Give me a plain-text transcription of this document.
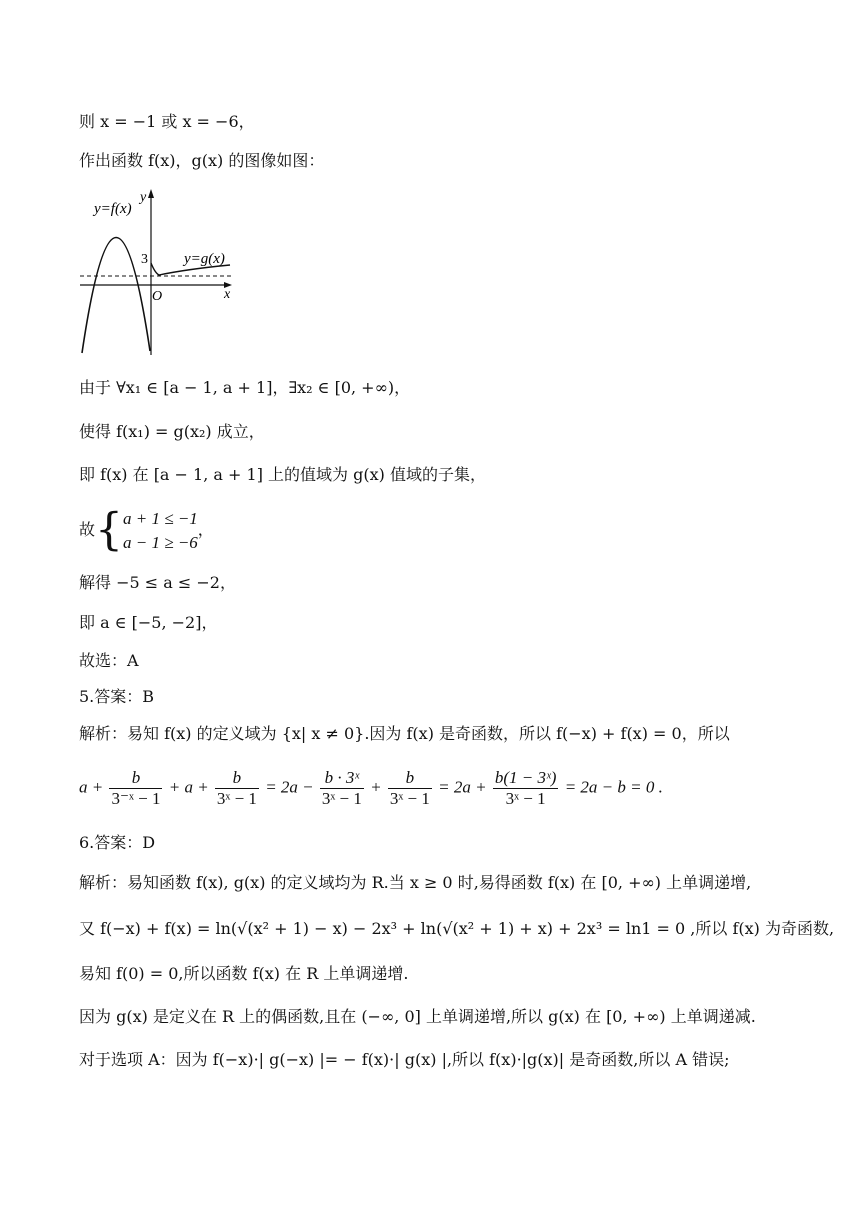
则 x = −1 或 x = −6，
作出函数 f(x)，g(x) 的图像如图：
y=f(x)
y=g(x)
y
x
O
3
由于 ∀x₁ ∈ [a − 1, a + 1]，∃x₂ ∈ [0, +∞)，
使得 f(x₁) = g(x₂) 成立，
即 f(x) 在 [a − 1, a + 1] 上的值域为 g(x) 值域的子集，
故{ a + 1 ≤ −1
a − 1 ≥ −6
，
解得 −5 ≤ a ≤ −2，
即 a ∈ [−5, −2]，
故选：A
5.答案：B
解析：易知 f(x) 的定义域为 {x| x ≠ 0}.因为 f(x) 是奇函数，所以 f(−x) + f(x) = 0，所以
$a + \frac{b}{\text{3⁻ˣ − 1}} + a + \frac{b}{\text{3ˣ − 1}} = 2a - \frac{\text{b · 3ˣ}}{\text{3ˣ − 1}} + \frac{b}{\text{3ˣ − 1}} = 2a + \frac{\text{b(1 − 3ˣ)}}{\text{3ˣ − 1}} = 2a - b = 0$ .
6.答案：D
解析：易知函数 f(x), g(x) 的定义域均为 R.当 x ≥ 0 时,易得函数 f(x) 在 [0, +∞) 上单调递增,
又 f(−x) + f(x) = ln(√(x² + 1) − x) − 2x³ + ln(√(x² + 1) + x) + 2x³ = ln1 = 0 ,所以 f(x) 为奇函数,
易知 f(0) = 0,所以函数 f(x) 在 R 上单调递增.
因为 g(x) 是定义在 R 上的偶函数,且在 (−∞, 0] 上单调递增,所以 g(x) 在 [0, +∞) 上单调递减.
对于选项 A：因为 f(−x)·| g(−x) |= − f(x)·| g(x) |,所以 f(x)·|g(x)| 是奇函数,所以 A 错误;
